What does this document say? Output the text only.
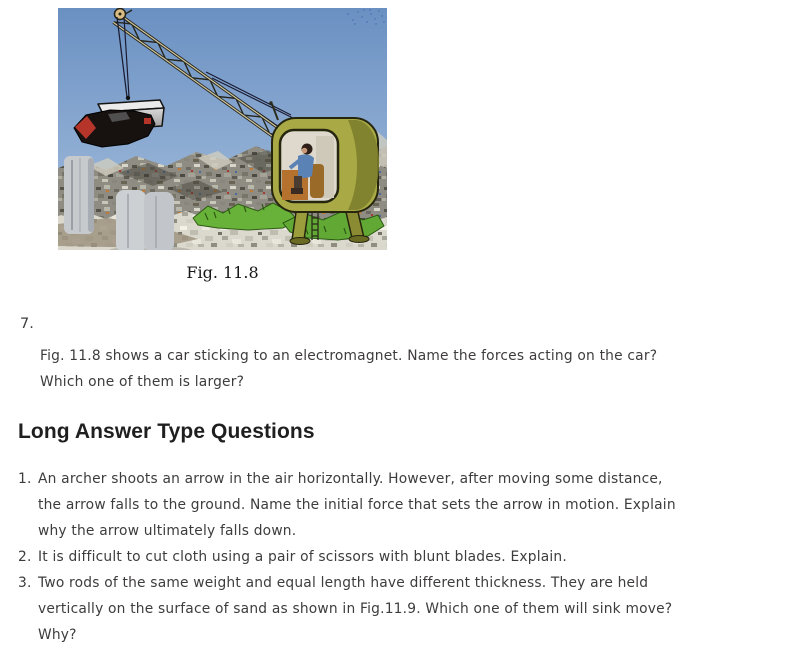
Fig. 11.8
7.
Fig. 11.8 shows a car sticking to an electromagnet. Name the forces acting on the car?
Which one of them is larger?
Long Answer Type Questions
1. An archer shoots an arrow in the air horizontally. However, after moving some distance,
the arrow falls to the ground. Name the initial force that sets the arrow in motion. Explain
why the arrow ultimately falls down.
2. It is difficult to cut cloth using a pair of scissors with blunt blades. Explain.
3. Two rods of the same weight and equal length have different thickness. They are held
vertically on the surface of sand as shown in Fig.11.9. Which one of them will sink move?
Why?
